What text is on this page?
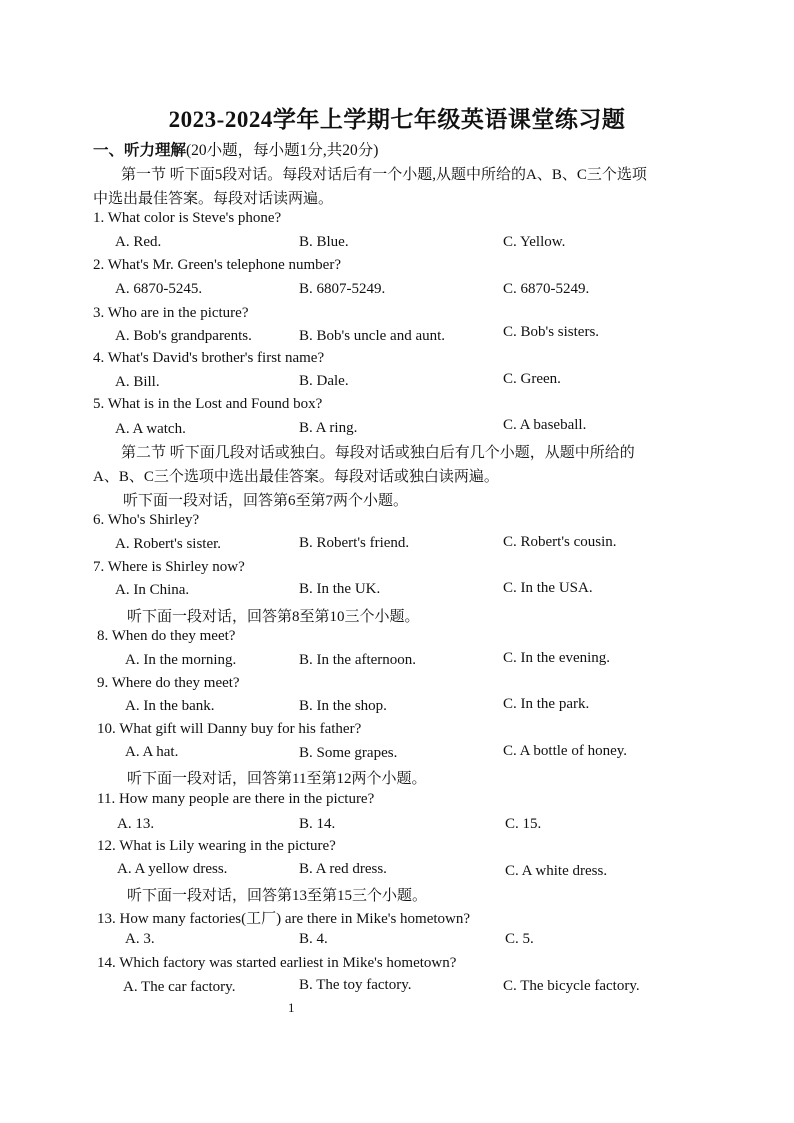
2023-2024学年上学期七年级英语课堂练习题
一、听力理解(20小题，每小题1分,共20分)
第一节 听下面5段对话。每段对话后有一个小题,从题中所给的A、B、C三个选项
中选出最佳答案。每段对话读两遍。
1. What color is Steve's phone?
A. Red.	B. Blue.	C. Yellow.
2. What's Mr. Green's telephone number?
A. 6870-5245.	B. 6807-5249.	C. 6870-5249.
3. Who are in the picture?
A. Bob's grandparents.	B. Bob's uncle and aunt.	C. Bob's sisters.
4. What's David's brother's first name?
A. Bill.	B. Dale.	C. Green.
5. What is in the Lost and Found box?
A. A watch.	B. A ring.	C. A baseball.
第二节 听下面几段对话或独白。每段对话或独白后有几个小题，从题中所给的
A、B、C三个选项中选出最佳答案。每段对话或独白读两遍。
听下面一段对话，回答第6至第7两个小题。
6. Who's Shirley?
A. Robert's sister.	B. Robert's friend.	C. Robert's cousin.
7. Where is Shirley now?
A. In China.	B. In the UK.	C. In the USA.
听下面一段对话，回答第8至第10三个小题。
8. When do they meet?
A. In the morning.	B. In the afternoon.	C. In the evening.
9. Where do they meet?
A. In the bank.	B. In the shop.	C. In the park.
10. What gift will Danny buy for his father?
A. A hat.	B. Some grapes.	C. A bottle of honey.
听下面一段对话，回答第11至第12两个小题。
11. How many people are there in the picture?
A. 13.	B. 14.	C. 15.
12. What is Lily wearing in the picture?
A. A yellow dress.	B. A red dress.	C. A white dress.
听下面一段对话，回答第13至第15三个小题。
13. How many factories(工厂) are there in Mike's hometown?
A. 3.	B. 4.	C. 5.
14. Which factory was started earliest in Mike's hometown?
A. The car factory.	B. The toy factory.	C. The bicycle factory.
1
